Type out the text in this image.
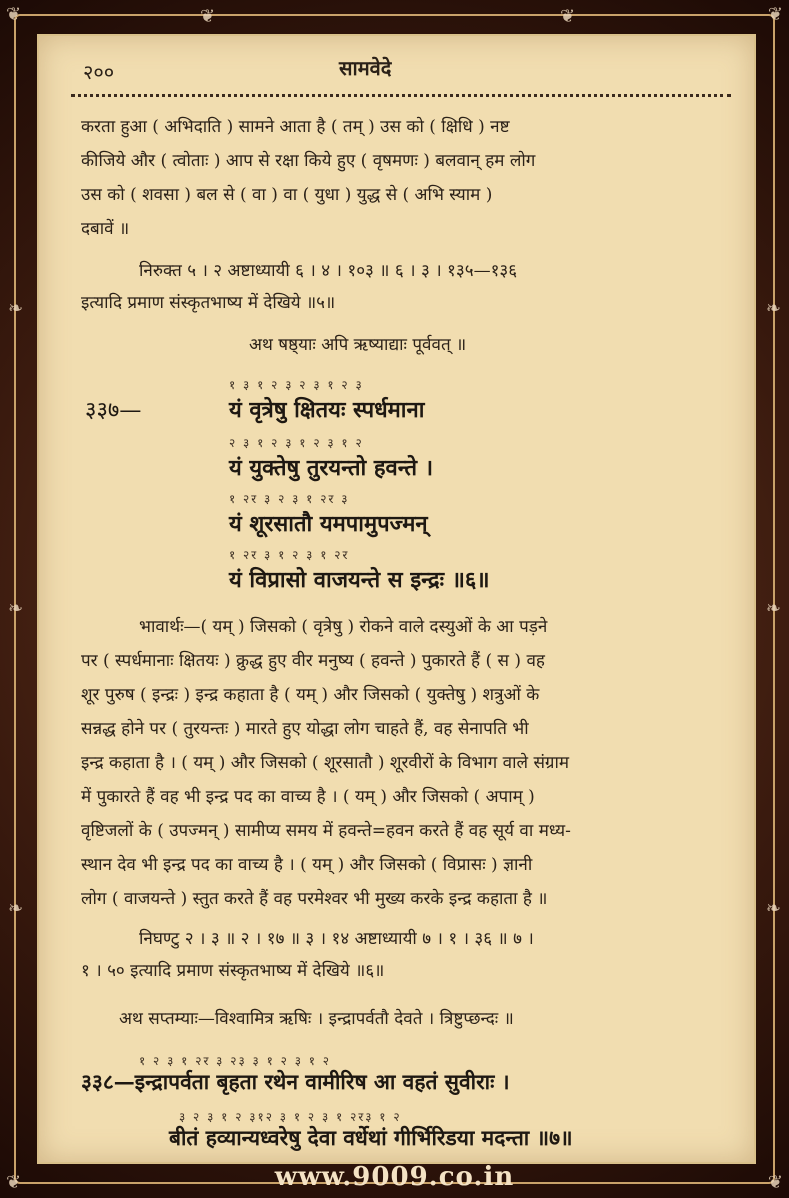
❦	❦
❦	❦
❧
❧
❧
❧
❧
❧
❦	❦
२००	सामवेदे
करता हुआ ( अभिदाति ) सामने आता है ( तम् ) उस को ( क्षिधि ) नष्ट
कीजिये और ( त्वोताः ) आप से रक्षा किये हुए ( वृषमणः ) बलवान् हम लोग
उस को ( शवसा ) बल से ( वा ) वा ( युधा ) युद्ध से ( अभि स्याम )
दबावें ॥
निरुक्त ५ । २ अष्टाध्यायी ६ । ४ । १०३ ॥ ६ । ३ । १३५—१३६
इत्यादि प्रमाण संस्कृतभाष्य में देखिये ॥५॥
अथ षष्ठ्याः अपि ऋष्याद्याः पूर्ववत् ॥
१ ३ १ २ ३ २ ३ १ २ ३
३३७—	यं वृत्रेषु क्षितयः स्पर्धमाना
२ ३ १ २ ३ १ २ ३ १ २
यं युक्तेषु तुरयन्तो हवन्ते ।
१ २र ३ २ ३ १ २र ३
यं शूरसातौ यमपामुपज्मन्
१ २र ३ १ २ ३ १ २र
यं विप्रासो वाजयन्ते स इन्द्रः ॥६॥
भावार्थः—( यम् ) जिसको ( वृत्रेषु ) रोकने वाले दस्युओं के आ पड़ने
पर ( स्पर्धमानाः क्षितयः ) क्रुद्ध हुए वीर मनुष्य ( हवन्ते ) पुकारते हैं ( स ) वह
शूर पुरुष ( इन्द्रः ) इन्द्र कहाता है ( यम् ) और जिसको ( युक्तेषु ) शत्रुओं के
सन्नद्ध होने पर ( तुरयन्तः ) मारते हुए योद्धा लोग चाहते हैं, वह सेनापति भी
इन्द्र कहाता है । ( यम् ) और जिसको ( शूरसातौ ) शूरवीरों के विभाग वाले संग्राम
में पुकारते हैं वह भी इन्द्र पद का वाच्य है । ( यम् ) और जिसको ( अपाम् )
वृष्टिजलों के ( उपज्मन् ) सामीप्य समय में हवन्ते=हवन करते हैं वह सूर्य वा मध्य-
स्थान देव भी इन्द्र पद का वाच्य है । ( यम् ) और जिसको ( विप्रासः ) ज्ञानी
लोग ( वाजयन्ते ) स्तुत करते हैं वह परमेश्वर भी मुख्य करके इन्द्र कहाता है ॥
निघण्टु २ । ३ ॥ २ । १७ ॥ ३ । १४ अष्टाध्यायी ७ । १ । ३६ ॥ ७ ।
१ । ५० इत्यादि प्रमाण संस्कृतभाष्य में देखिये ॥६॥
अथ सप्तम्याः—विश्वामित्र ऋषिः । इन्द्रापर्वतौ देवते । त्रिष्टुप्छन्दः ॥
१ २ ३ १ २र ३ २३ ३ १ २ ३ १ २
३३८—इन्द्रापर्वता बृहता रथेन वामीरिष आ वहतं सुवीराः ।
३ २ ३ १ २ ३१२ ३ १ २ ३ १ २र३ १ २
बीतं हव्यान्यध्वरेषु देवा वर्धेथां गीर्भिरिडया मदन्ता ॥७॥
www.9009.co.in
